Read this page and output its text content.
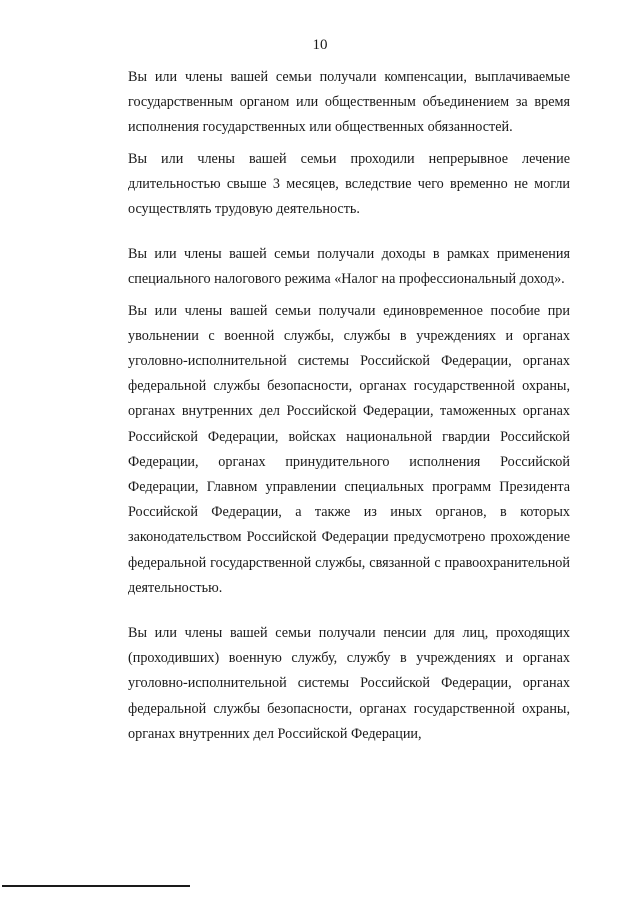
10

Вы или члены вашей семьи получали компенсации, выплачиваемые государственным органом или общественным объединением за время исполнения государственных или общественных обязанностей.

Вы или члены вашей семьи проходили непрерывное лечение длительностью свыше 3 месяцев, вследствие чего временно не могли осуществлять трудовую деятельность.

Вы или члены вашей семьи получали доходы в рамках применения специального налогового режима «Налог на профессиональный доход».

Вы или члены вашей семьи получали единовременное пособие при увольнении с военной службы, службы в учреждениях и органах уголовно-исполнительной системы Российской Федерации, органах федеральной службы безопасности, органах государственной охраны, органах внутренних дел Российской Федерации, таможенных органах Российской Федерации, войсках национальной гвардии Российской Федерации, органах принудительного исполнения Российской Федерации, Главном управлении специальных программ Президента Российской Федерации, а также из иных органов, в которых законодательством Российской Федерации предусмотрено прохождение федеральной государственной службы, связанной с правоохранительной деятельностью.

Вы или члены вашей семьи получали пенсии для лиц, проходящих (проходивших) военную службу, службу в учреждениях и органах уголовно-исполнительной системы Российской Федерации, органах федеральной службы безопасности, органах государственной охраны, органах внутренних дел Российской Федерации,
